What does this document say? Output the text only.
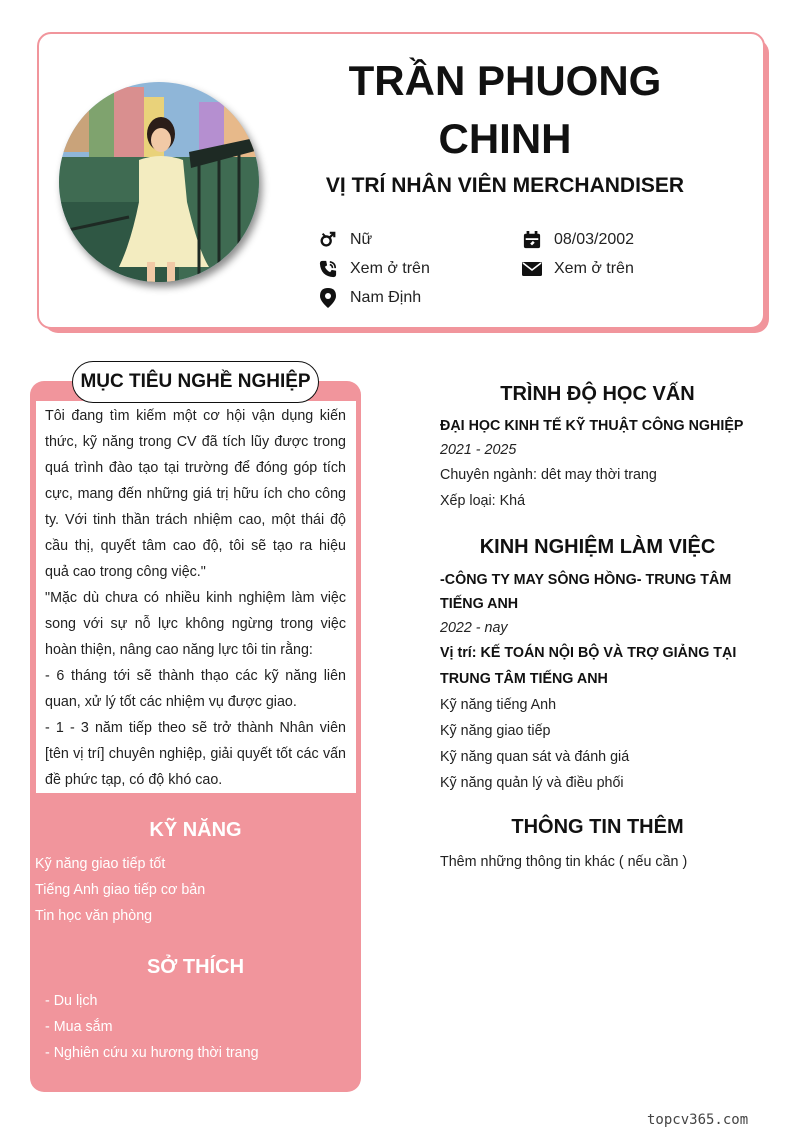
TRẦN PHUONG
CHINH
VỊ TRÍ NHÂN VIÊN MERCHANDISER
Nữ	08/03/2002
Xem ở trên	Xem ở trên
Nam Định
MỤC TIÊU NGHỀ NGHIỆP

Tôi đang tìm kiếm một cơ hội vận dụng kiến thức, kỹ năng trong CV đã tích lũy được trong quá trình đào tạo tại trường để đóng góp tích cực, mang đến những giá trị hữu ích cho công ty. Với tinh thần trách nhiệm cao, một thái độ cầu thị, quyết tâm cao độ, tôi sẽ tạo ra hiệu quả cao trong công việc."

"Mặc dù chưa có nhiều kinh nghiệm làm việc song với sự nỗ lực không ngừng trong việc hoàn thiện, nâng cao năng lực tôi tin rằng:

- 6 tháng tới sẽ thành thạo các kỹ năng liên quan, xử lý tốt các nhiệm vụ được giao.

- 1 - 3 năm tiếp theo sẽ trở thành Nhân viên [tên vị trí] chuyên nghiệp, giải quyết tốt các vấn đề phức tạp, có độ khó cao.

KỸ NĂNG
Kỹ năng giao tiếp tốt
Tiếng Anh giao tiếp cơ bản
Tin học văn phòng
SỞ THÍCH
- Du lịch
- Mua sắm
- Nghiên cứu xu hương thời trang
TRÌNH ĐỘ HỌC VẤN
ĐẠI HỌC KINH TẾ KỸ THUẬT CÔNG NGHIỆP
2021 - 2025
Chuyên ngành: dêt may thời trang
Xếp loại: Khá
KINH NGHIỆM LÀM VIỆC
-CÔNG TY MAY SÔNG HỒNG- TRUNG TÂM TIẾNG ANH
2022 - nay
Vị trí: KẾ TOÁN NỘI BỘ VÀ TRỢ GIẢNG TẠI TRUNG TÂM TIẾNG ANH
Kỹ năng tiếng Anh
Kỹ năng giao tiếp
Kỹ năng quan sát và đánh giá
Kỹ năng quản lý và điều phối
THÔNG TIN THÊM
Thêm những thông tin khác ( nếu cần )
topcv365.com
